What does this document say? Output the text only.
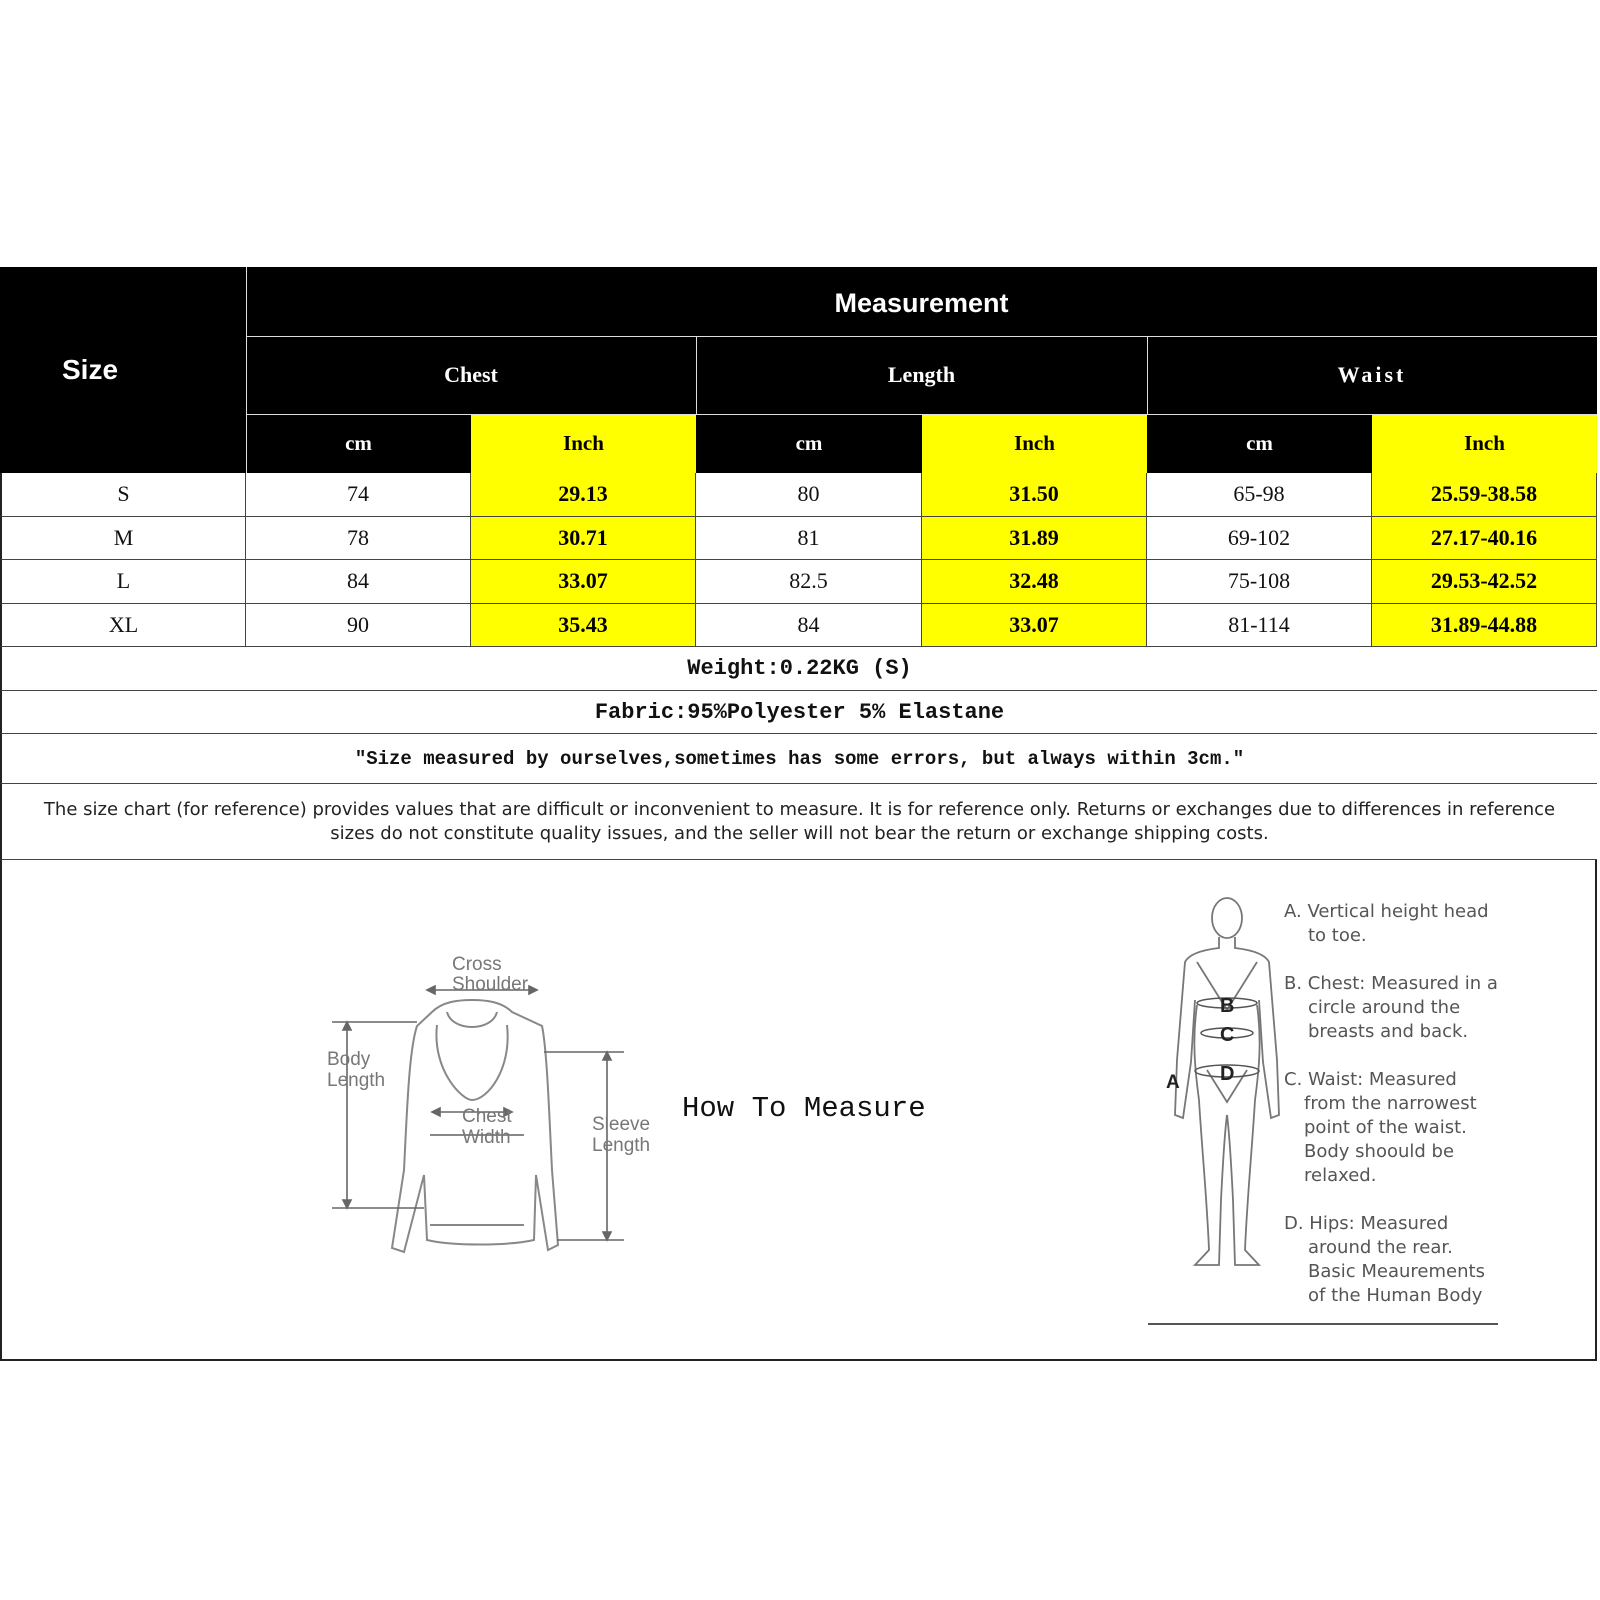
Size
Measurement
Chest	Length	Waist
cm	Inch	cm	Inch	cm	Inch
S	74	29.13	80	31.50	65-98	25.59-38.58
M	78	30.71	81	31.89	69-102	27.17-40.16
L	84	33.07	82.5	32.48	75-108	29.53-42.52
XL	90	35.43	84	33.07	81-114	31.89-44.88
Weight:0.22KG (S)
Fabric:95%Polyester 5% Elastane
"Size measured by ourselves,sometimes has some errors, but always within 3cm."
The size chart (for reference) provides values that are difficult or inconvenient to measure. It is for reference only. Returns or exchanges due to differences in reference
sizes do not constitute quality issues, and the seller will not bear the return or exchange shipping costs.
Cross
Shoulder
Body
Length
Chest
Width
Sleeve
Length
How To Measure
B
C
D
A
A. Vertical height head
to toe.
B. Chest: Measured in a
circle around the
breasts and back.
C. Waist: Measured
from the narrowest
point of the waist.
Body shoould be
relaxed.
D. Hips: Measured
around the rear.
Basic Meaurements
of the Human Body
